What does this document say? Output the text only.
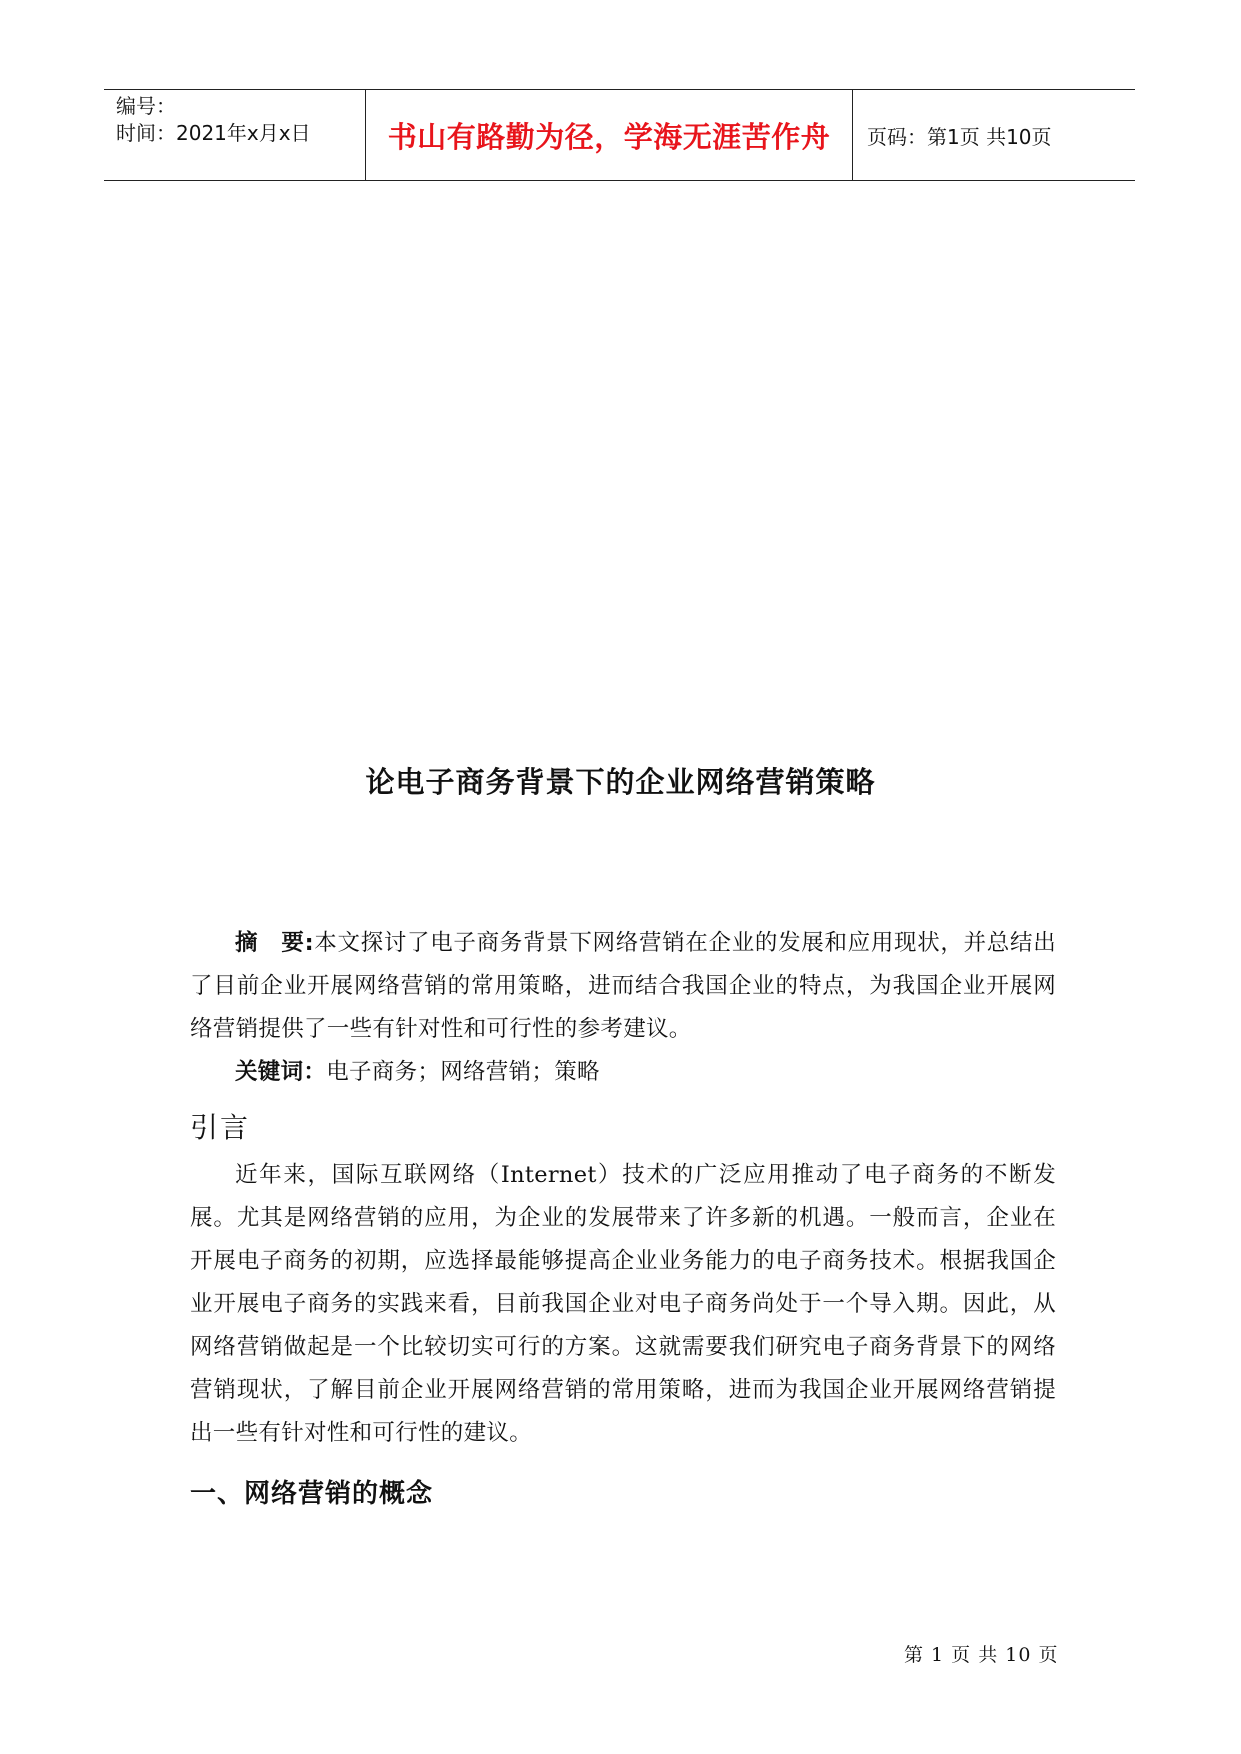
编号：
时间：2021年x月x日	书山有路勤为径，学海无涯苦作舟	页码：第1页 共10页
论电子商务背景下的企业网络营销策略

摘　要:本文探讨了电子商务背景下网络营销在企业的发展和应用现状，并总结出了目前企业开展网络营销的常用策略，进而结合我国企业的特点，为我国企业开展网络营销提供了一些有针对性和可行性的参考建议。

关键词：电子商务；网络营销；策略

引言

近年来，国际互联网络（Internet）技术的广泛应用推动了电子商务的不断发展。尤其是网络营销的应用，为企业的发展带来了许多新的机遇。一般而言，企业在开展电子商务的初期，应选择最能够提高企业业务能力的电子商务技术。根据我国企业开展电子商务的实践来看，目前我国企业对电子商务尚处于一个导入期。因此，从网络营销做起是一个比较切实可行的方案。这就需要我们研究电子商务背景下的网络营销现状，了解目前企业开展网络营销的常用策略，进而为我国企业开展网络营销提出一些有针对性和可行性的建议。

一、网络营销的概念
第 1 页 共 10 页
